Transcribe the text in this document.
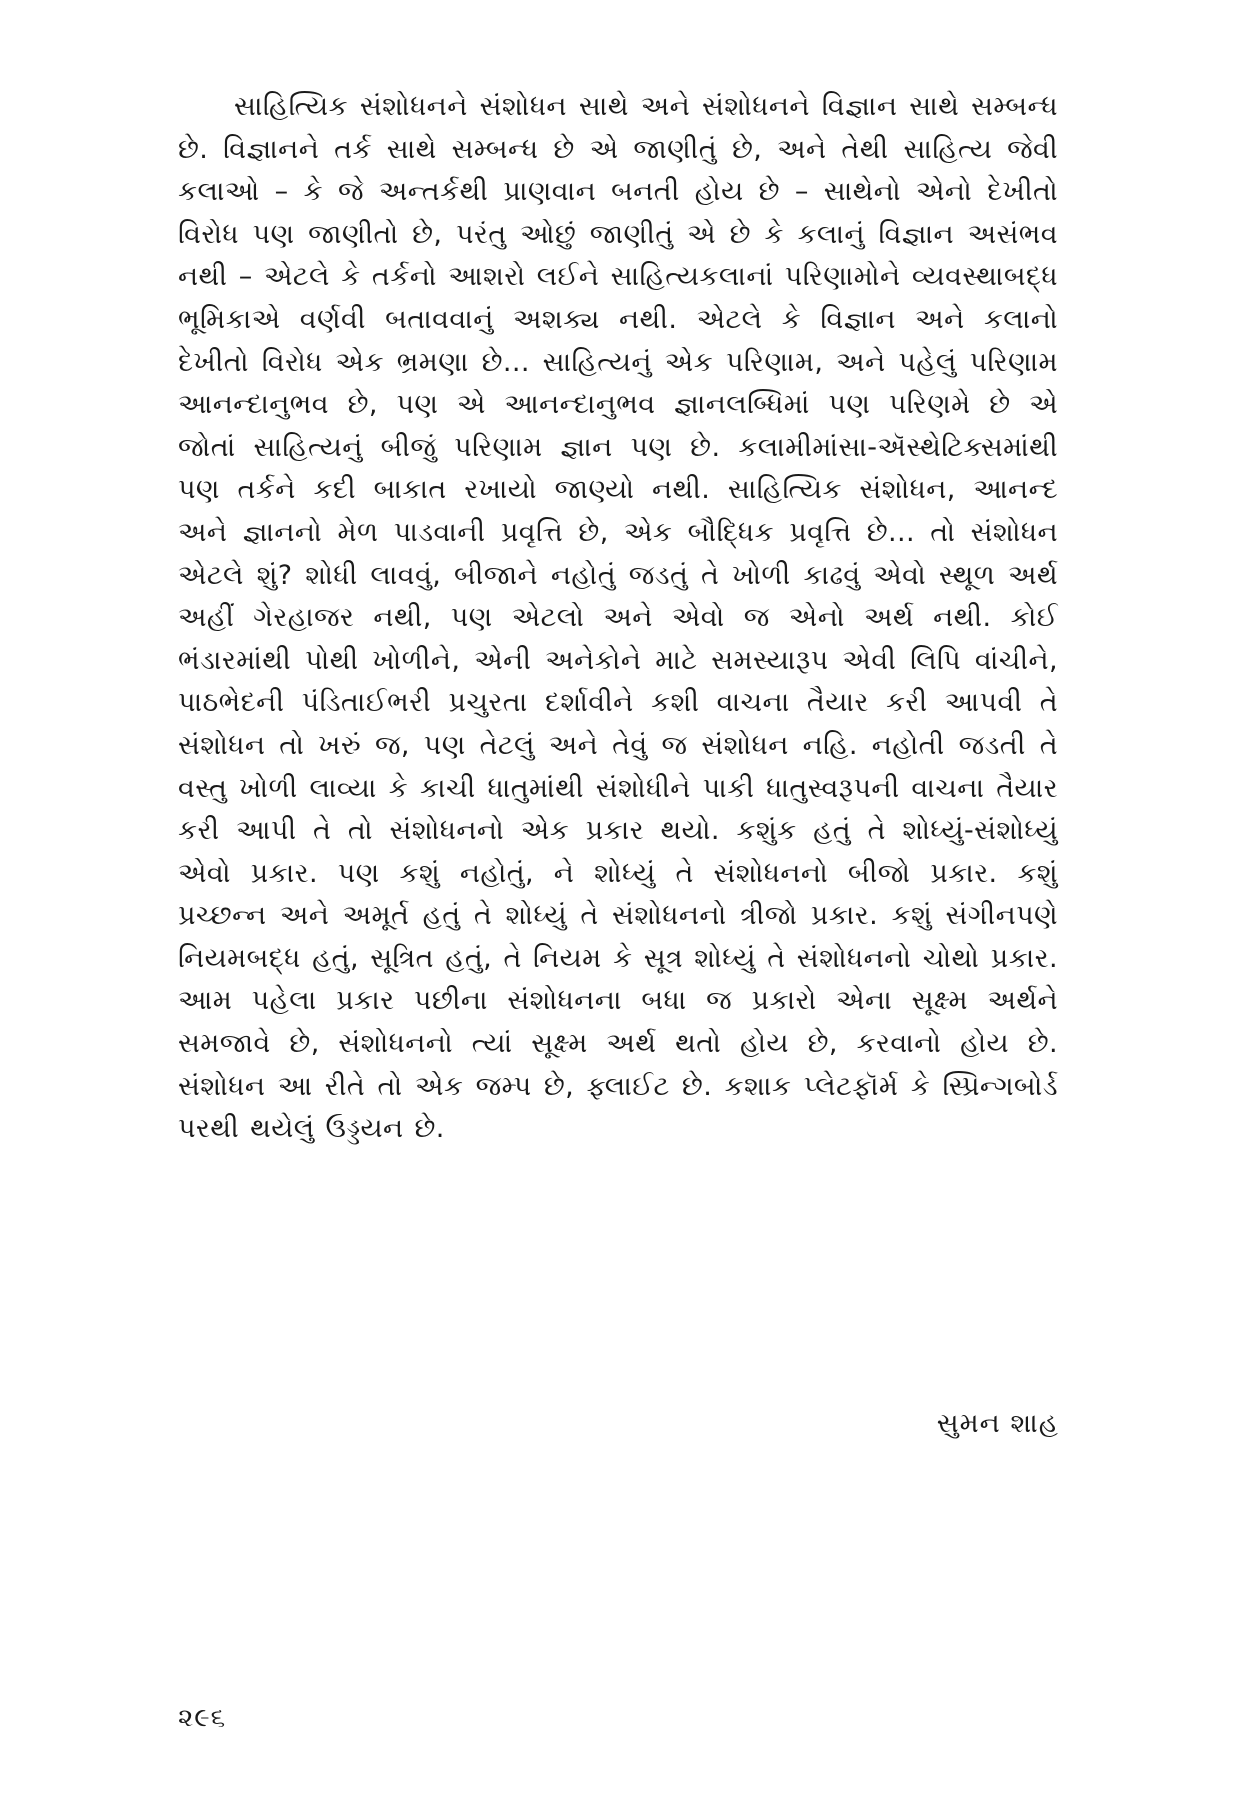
સાહિત્યિક સંશોધનને સંશોધન સાથે અને સંશોધનને વિજ્ઞાન સાથે સમ્બન્ધ છે. વિજ્ઞાનને તર્ક સાથે સમ્બન્ધ છે એ જાણીતું છે, અને તેથી સાહિત્ય જેવી કલાઓ – કે જે અન્તર્કથી પ્રાણવાન બનતી હોય છે – સાથેનો એનો દેખીતો વિરોધ પણ જાણીતો છે, પરંતુ ઓછું જાણીતું એ છે કે કલાનું વિજ્ઞાન અસંભવ નથી – એટલે કે તર્કનો આશરો લઈને સાહિત્યકલાનાં પરિણામોને વ્યવસ્થાબદ્ધ ભૂમિકાએ વર્ણવી બતાવવાનું અશક્ય નથી. એટલે કે વિજ્ઞાન અને કલાનો દેખીતો વિરોધ એક ભ્રમણા છે... સાહિત્યનું એક પરિણામ, અને પહેલું પરિણામ આનન્દાનુભવ છે, પણ એ આનન્દાનુભવ જ્ઞાનલબ્ધિમાં પણ પરિણમે છે એ જોતાં સાહિત્યનું બીજું પરિણામ જ્ઞાન પણ છે. કલામીમાંસા-ઍસ્થેટિક્સમાંથી પણ તર્કને કદી બાકાત રખાયો જાણ્યો નથી. સાહિત્યિક સંશોધન, આનન્દ અને જ્ઞાનનો મેળ પાડવાની પ્રવૃત્તિ છે, એક બૌદ્ધિક પ્રવૃત્તિ છે... તો સંશોધન એટલે શું? શોધી લાવવું, બીજાને નહોતું જડતું તે ખોળી કાઢવું એવો સ્થૂળ અર્થ અહીં ગેરહાજર નથી, પણ એટલો અને એવો જ એનો અર્થ નથી. કોઈ ભંડારમાંથી પોથી ખોળીને, એની અનેકોને માટે સમસ્યારૂપ એવી લિપિ વાંચીને, પાઠભેદની પંડિતાઈભરી પ્રચુરતા દર્શાવીને કશી વાચના તૈયાર કરી આપવી તે સંશોધન તો ખરું જ, પણ તેટલું અને તેવું જ સંશોધન નહિ. નહોતી જડતી તે વસ્તુ ખોળી લાવ્યા કે કાચી ધાતુમાંથી સંશોધીને પાકી ધાતુસ્વરૂપની વાચના તૈયાર કરી આપી તે તો સંશોધનનો એક પ્રકાર થયો. કશુંક હતું તે શોધ્યું-સંશોધ્યું એવો પ્રકાર. પણ કશું નહોતું, ને શોધ્યું તે સંશોધનનો બીજો પ્રકાર. કશું પ્રચ્છન્ન અને અમૂર્ત હતું તે શોધ્યું તે સંશોધનનો ત્રીજો પ્રકાર. કશું સંગીનપણે નિયમબદ્ધ હતું, સૂત્રિત હતું, તે નિયમ કે સૂત્ર શોધ્યું તે સંશોધનનો ચોથો પ્રકાર. આમ પહેલા પ્રકાર પછીના સંશોધનના બધા જ પ્રકારો એના સૂક્ષ્મ અર્થને સમજાવે છે, સંશોધનનો ત્યાં સૂક્ષ્મ અર્થ થતો હોય છે, કરવાનો હોય છે. સંશોધન આ રીતે તો એક જમ્પ છે, ફ્લાઈટ છે. કશાક પ્લેટફૉર્મ કે સ્પ્રિન્ગબોર્ડ પરથી થયેલું ઉડ્ડયન છે.

સુમન શાહ

૨૯૬
